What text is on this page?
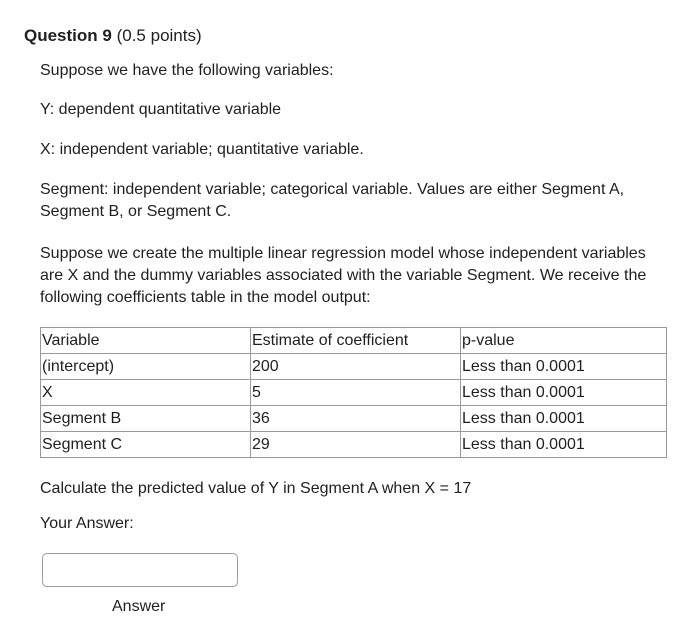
Question 9 (0.5 points)
Suppose we have the following variables:
Y: dependent quantitative variable
X: independent variable; quantitative variable.
Segment: independent variable; categorical variable. Values are either Segment A, Segment B, or Segment C.
Suppose we create the multiple linear regression model whose independent variables are X and the dummy variables associated with the variable Segment. We receive the following coefficients table in the model output:
Variable	Estimate of coefficient	p-value
(intercept)	200	Less than 0.0001
X	5	Less than 0.0001
Segment B	36	Less than 0.0001
Segment C	29	Less than 0.0001
Calculate the predicted value of Y in Segment A when X = 17
Your Answer:
Answer
